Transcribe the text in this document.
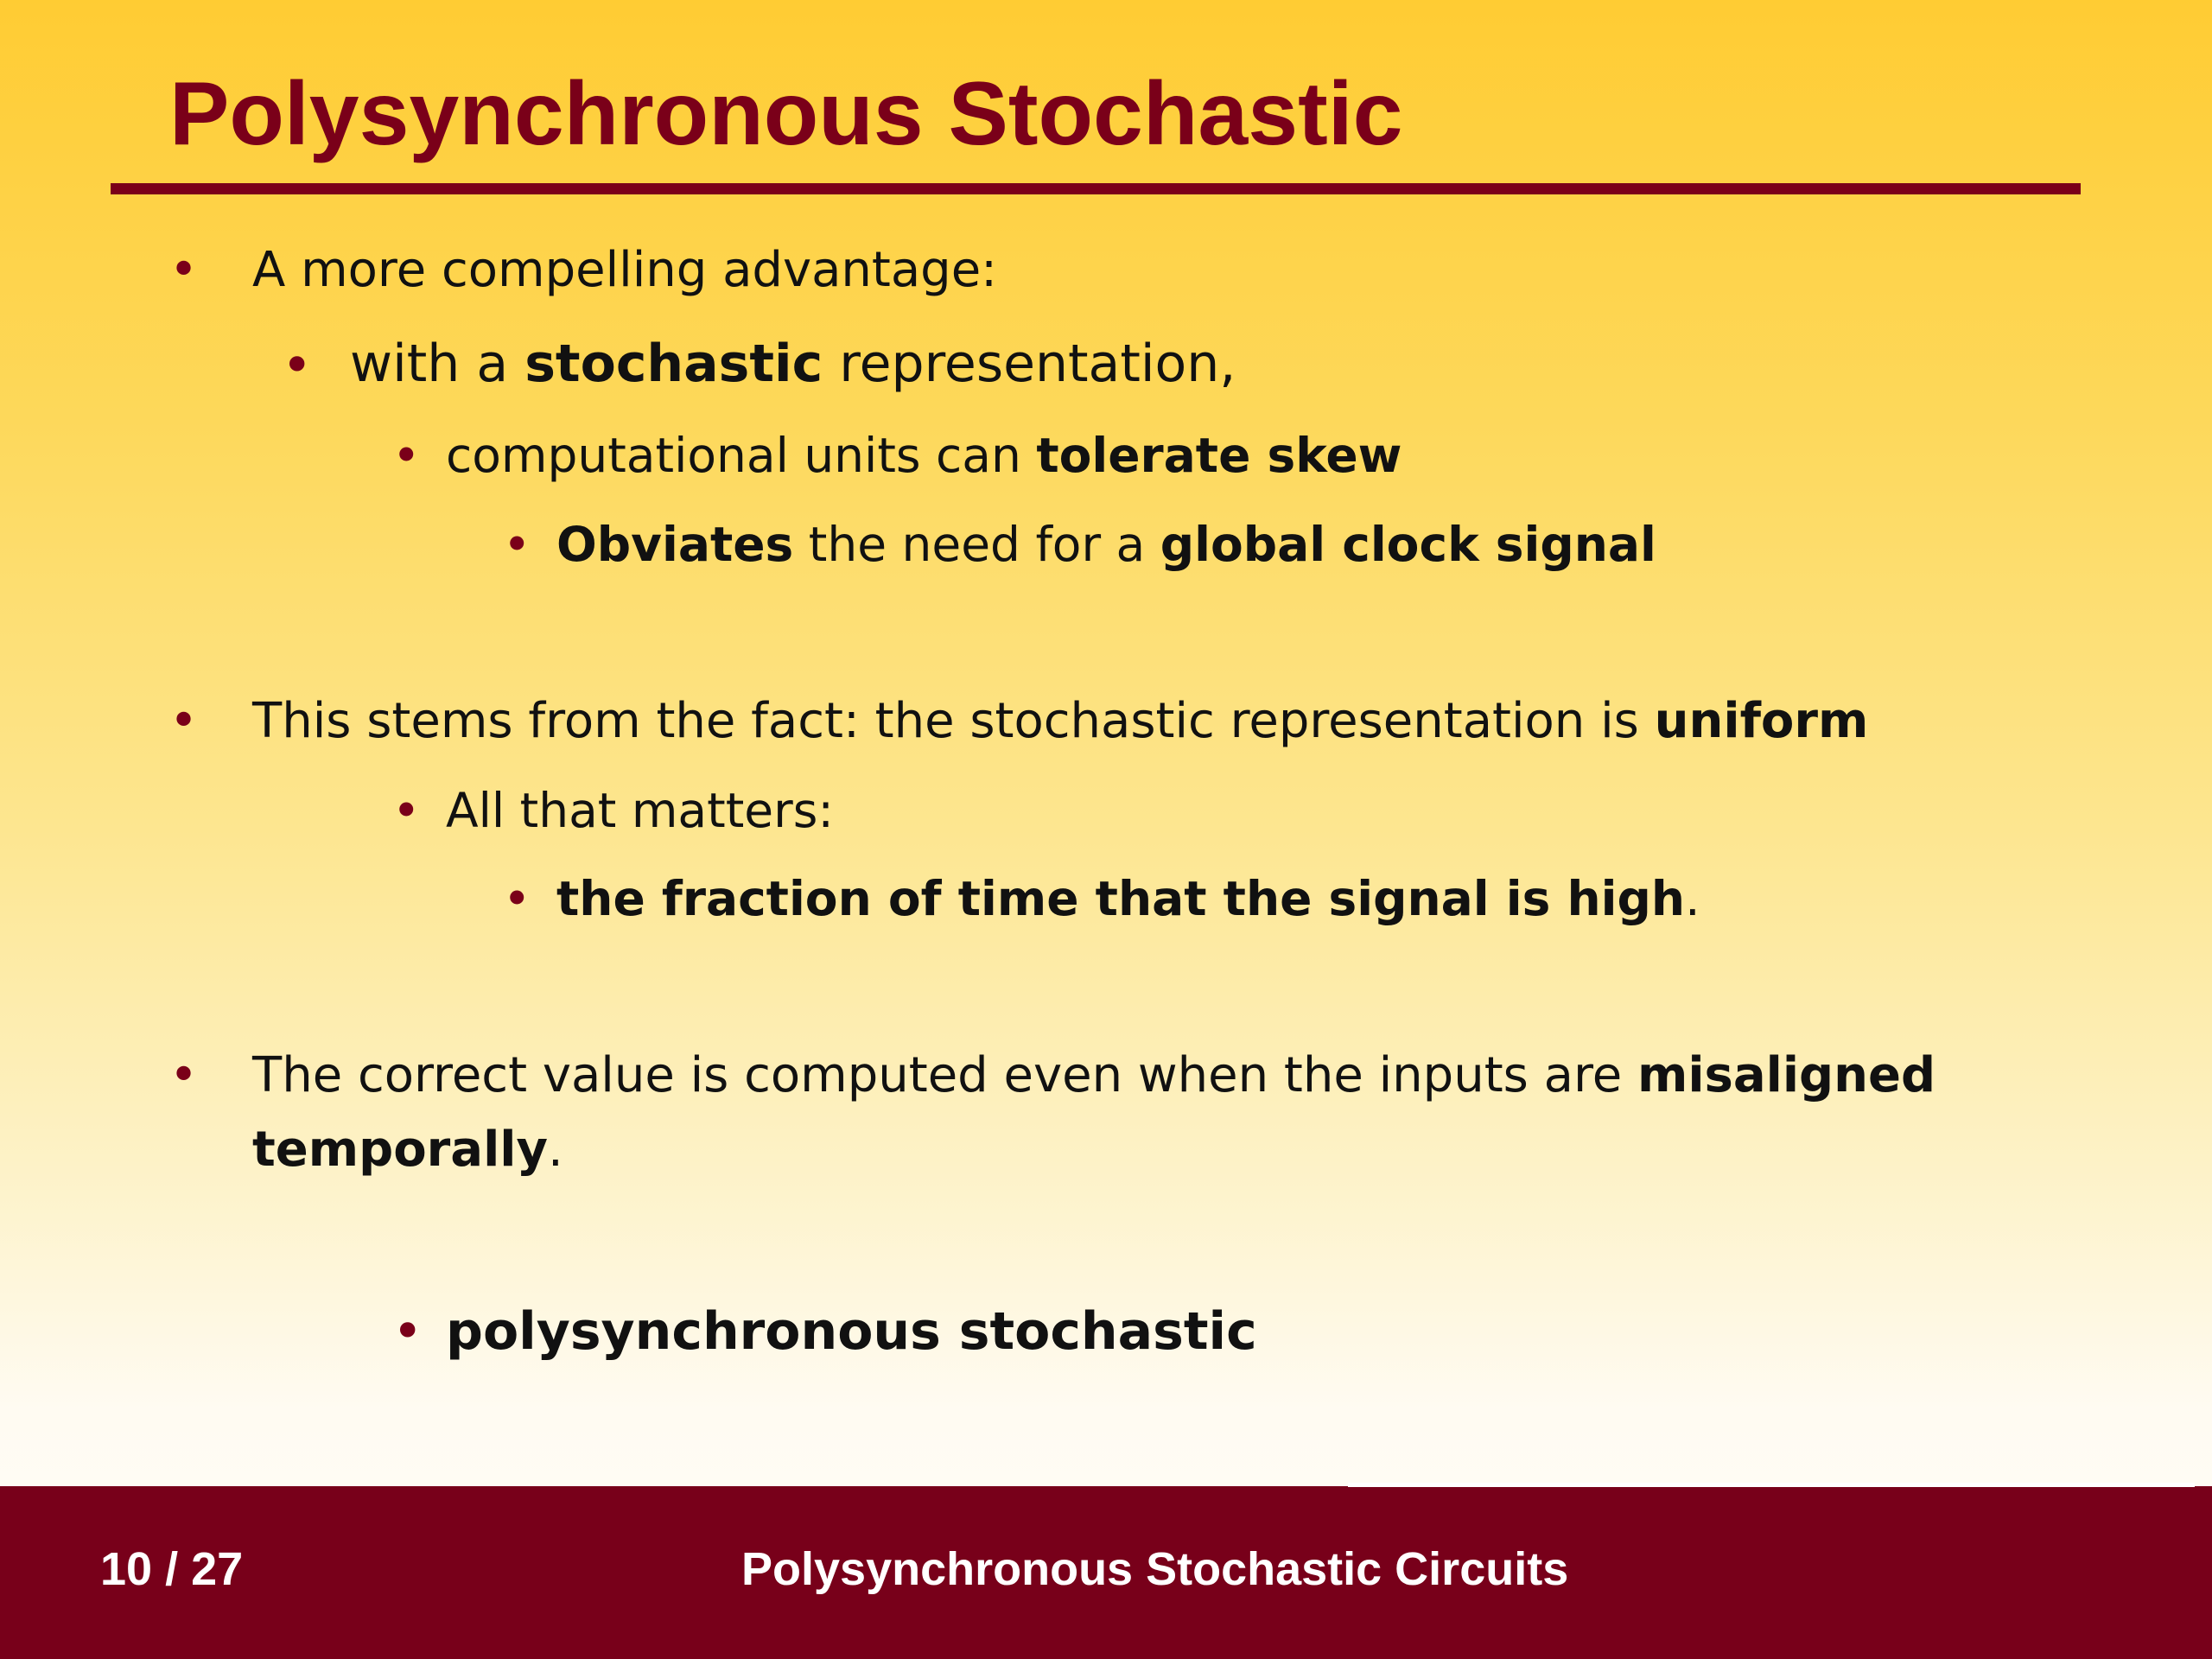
Polysynchronous Stochastic
• A more compelling advantage:
• with a stochastic representation,
• computational units can tolerate skew
• Obviates the need for a global clock signal
• This stems from the fact: the stochastic representation is uniform
• All that matters:
• the fraction of time that the signal is high.
• The correct value is computed even when the inputs are misaligned
temporally.
• polysynchronous stochastic
10 / 27	Polysynchronous Stochastic Circuits
